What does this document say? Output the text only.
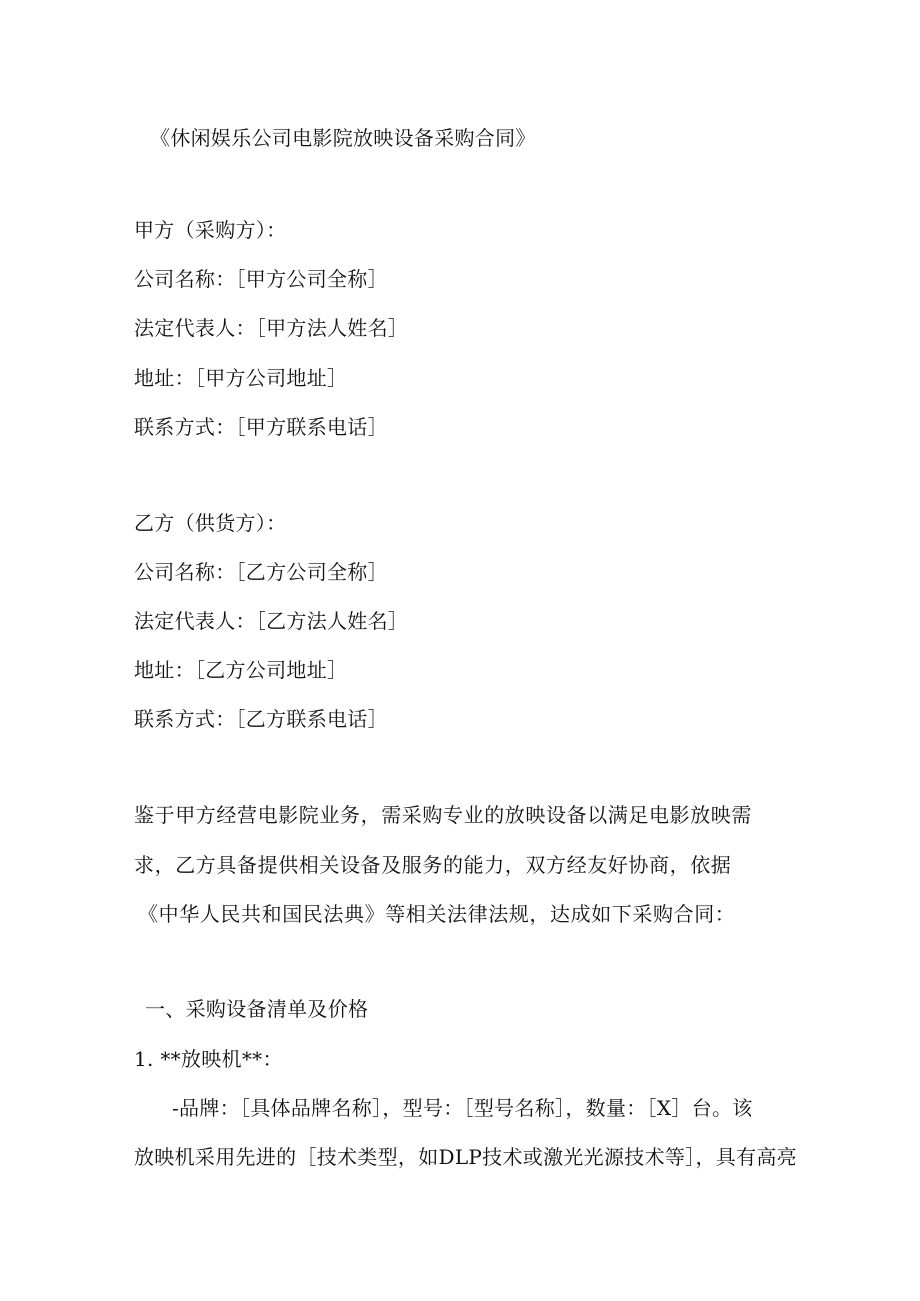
《休闲娱乐公司电影院放映设备采购合同》
甲方（采购方）：
公司名称：［甲方公司全称］
法定代表人：［甲方法人姓名］
地址：［甲方公司地址］
联系方式：［甲方联系电话］
乙方（供货方）：
公司名称：［乙方公司全称］
法定代表人：［乙方法人姓名］
地址：［乙方公司地址］
联系方式：［乙方联系电话］
鉴于甲方经营电影院业务，需采购专业的放映设备以满足电影放映需
求，乙方具备提供相关设备及服务的能力，双方经友好协商，依据
《中华人民共和国民法典》等相关法律法规，达成如下采购合同：
一、采购设备清单及价格
1. **放映机**：
-品牌：［具体品牌名称］，型号：［型号名称］，数量：［X］台。该
放映机采用先进的［技术类型，如DLP技术或激光光源技术等］，具有高亮
